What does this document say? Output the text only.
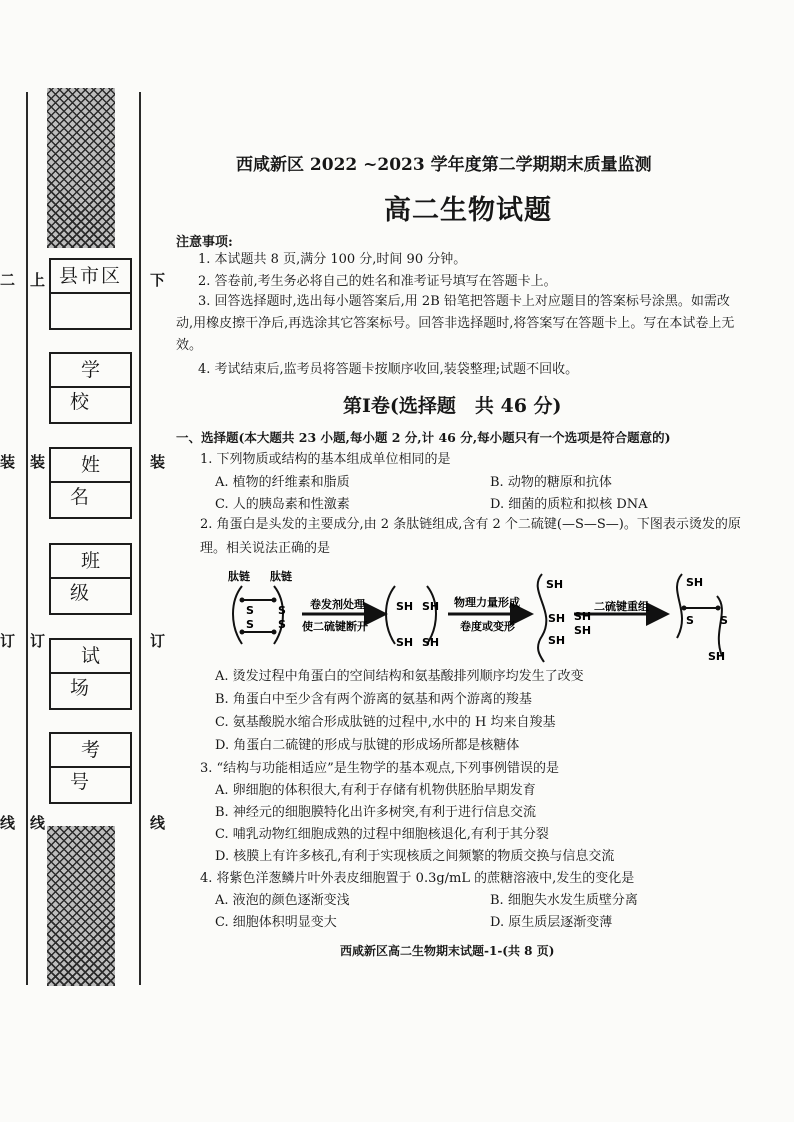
二
装
订
线
上
装
订
线
下
装
订
线
县市区
学 校
姓 名
班 级
试 场
考 号
西咸新区 2022 ~2023 学年度第二学期期末质量监测
高二生物试题
注意事项:
1. 本试题共 8 页,满分 100 分,时间 90 分钟。
2. 答卷前,考生务必将自己的姓名和准考证号填写在答题卡上。
3. 回答选择题时,选出每小题答案后,用 2B 铅笔把答题卡上对应题目的答案标号涂黑。如需改动,用橡皮擦干净后,再选涂其它答案标号。回答非选择题时,将答案写在答题卡上。写在本试卷上无效。
4. 考试结束后,监考员将答题卡按顺序收回,装袋整理;试题不回收。
第Ⅰ卷(选择题　共 46 分)
一、选择题(本大题共 23 小题,每小题 2 分,计 46 分,每小题只有一个选项是符合题意的)
1. 下列物质或结构的基本组成单位相同的是
A. 植物的纤维素和脂质	B. 动物的糖原和抗体
C. 人的胰岛素和性激素	D. 细菌的质粒和拟核 DNA
2. 角蛋白是头发的主要成分,由 2 条肽链组成,含有 2 个二硫键(—S—S—)。下图表示烫发的原理。相关说法正确的是
肽链 肽链
S S
S S
卷发剂处理
使二硫键断开
SH SH
SH SH
物理力量形成
卷度或变形
SH
SH
SH
二硫键重组
SH
SH
SH
S S
SH
A. 烫发过程中角蛋白的空间结构和氨基酸排列顺序均发生了改变
B. 角蛋白中至少含有两个游离的氨基和两个游离的羧基
C. 氨基酸脱水缩合形成肽链的过程中,水中的 H 均来自羧基
D. 角蛋白二硫键的形成与肽键的形成场所都是核糖体
3. “结构与功能相适应”是生物学的基本观点,下列事例错误的是
A. 卵细胞的体积很大,有利于存储有机物供胚胎早期发育
B. 神经元的细胞膜特化出许多树突,有利于进行信息交流
C. 哺乳动物红细胞成熟的过程中细胞核退化,有利于其分裂
D. 核膜上有许多核孔,有利于实现核质之间频繁的物质交换与信息交流
4. 将紫色洋葱鳞片叶外表皮细胞置于 0.3g/mL 的蔗糖溶液中,发生的变化是
A. 液泡的颜色逐渐变浅	B. 细胞失水发生质壁分离
C. 细胞体积明显变大	D. 原生质层逐渐变薄
西咸新区高二生物期末试题-1-(共 8 页)
